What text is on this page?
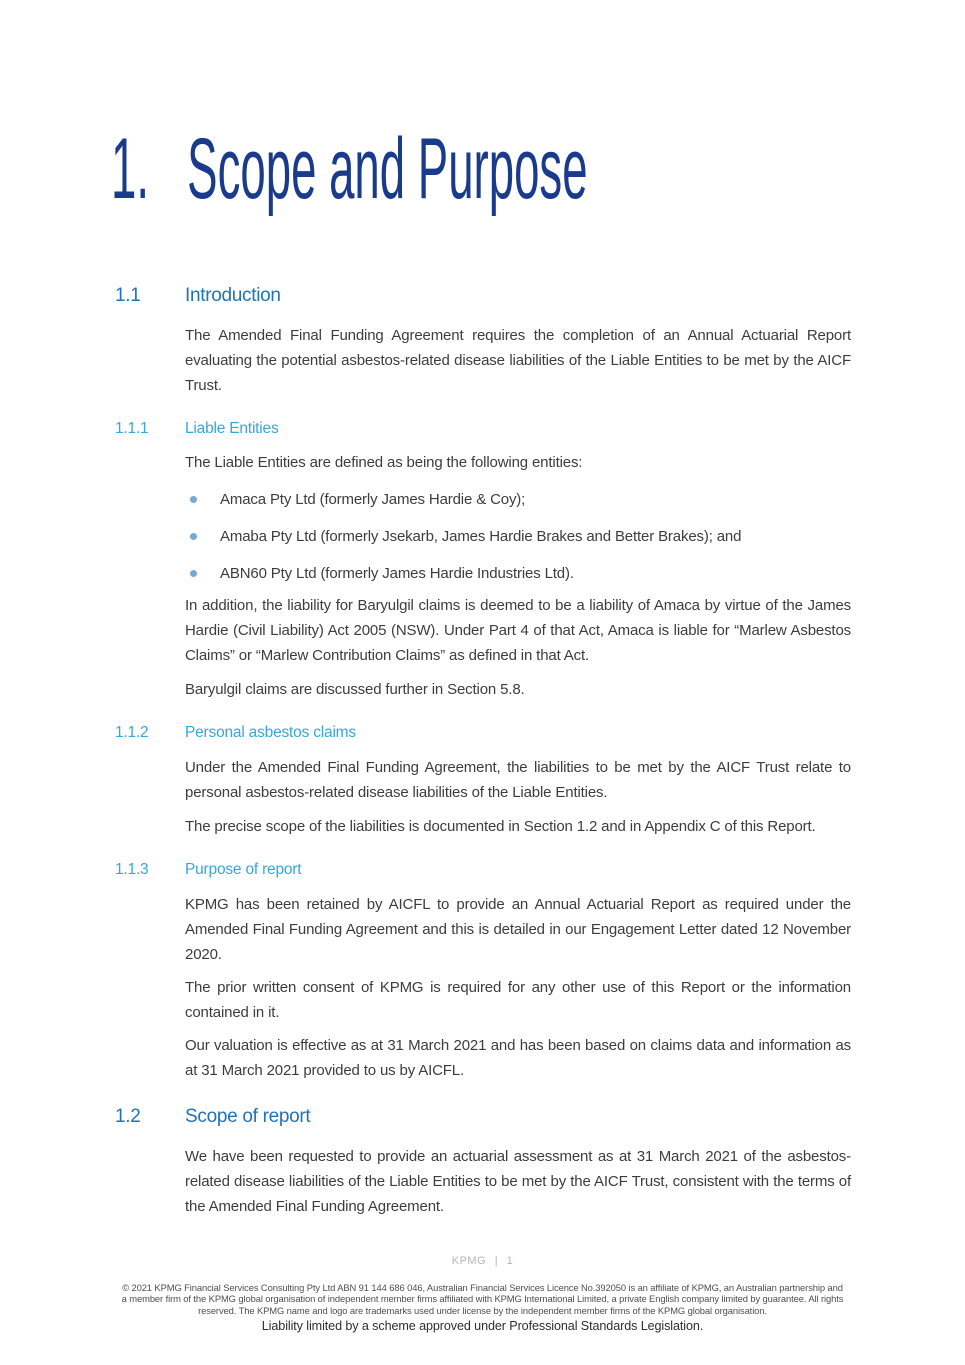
1. Scope and Purpose
1.1	Introduction

The Amended Final Funding Agreement requires the completion of an Annual Actuarial Report evaluating the potential asbestos-related disease liabilities of the Liable Entities to be met by the AICF Trust.

1.1.1	Liable Entities

The Liable Entities are defined as being the following entities:

Amaca Pty Ltd (formerly James Hardie & Coy);
Amaba Pty Ltd (formerly Jsekarb, James Hardie Brakes and Better Brakes); and
ABN60 Pty Ltd (formerly James Hardie Industries Ltd).

In addition, the liability for Baryulgil claims is deemed to be a liability of Amaca by virtue of the James Hardie (Civil Liability) Act 2005 (NSW). Under Part 4 of that Act, Amaca is liable for “Marlew Asbestos Claims” or “Marlew Contribution Claims” as defined in that Act.

Baryulgil claims are discussed further in Section 5.8.

1.1.2	Personal asbestos claims

Under the Amended Final Funding Agreement, the liabilities to be met by the AICF Trust relate to personal asbestos-related disease liabilities of the Liable Entities.

The precise scope of the liabilities is documented in Section 1.2 and in Appendix C of this Report.

1.1.3	Purpose of report

KPMG has been retained by AICFL to provide an Annual Actuarial Report as required under the Amended Final Funding Agreement and this is detailed in our Engagement Letter dated 12 November 2020.

The prior written consent of KPMG is required for any other use of this Report or the information contained in it.

Our valuation is effective as at 31 March 2021 and has been based on claims data and information as at 31 March 2021 provided to us by AICFL.

1.2	Scope of report

We have been requested to provide an actuarial assessment as at 31 March 2021 of the asbestos-related disease liabilities of the Liable Entities to be met by the AICF Trust, consistent with the terms of the Amended Final Funding Agreement.

KPMG | 1
© 2021 KPMG Financial Services Consulting Pty Ltd ABN 91 144 686 046, Australian Financial Services Licence No.392050 is an affiliate of KPMG, an Australian partnership and a member firm of the KPMG global organisation of independent member firms affiliated with KPMG International Limited, a private English company limited by guarantee. All rights reserved. The KPMG name and logo are trademarks used under license by the independent member firms of the KPMG global organisation.
Liability limited by a scheme approved under Professional Standards Legislation.
